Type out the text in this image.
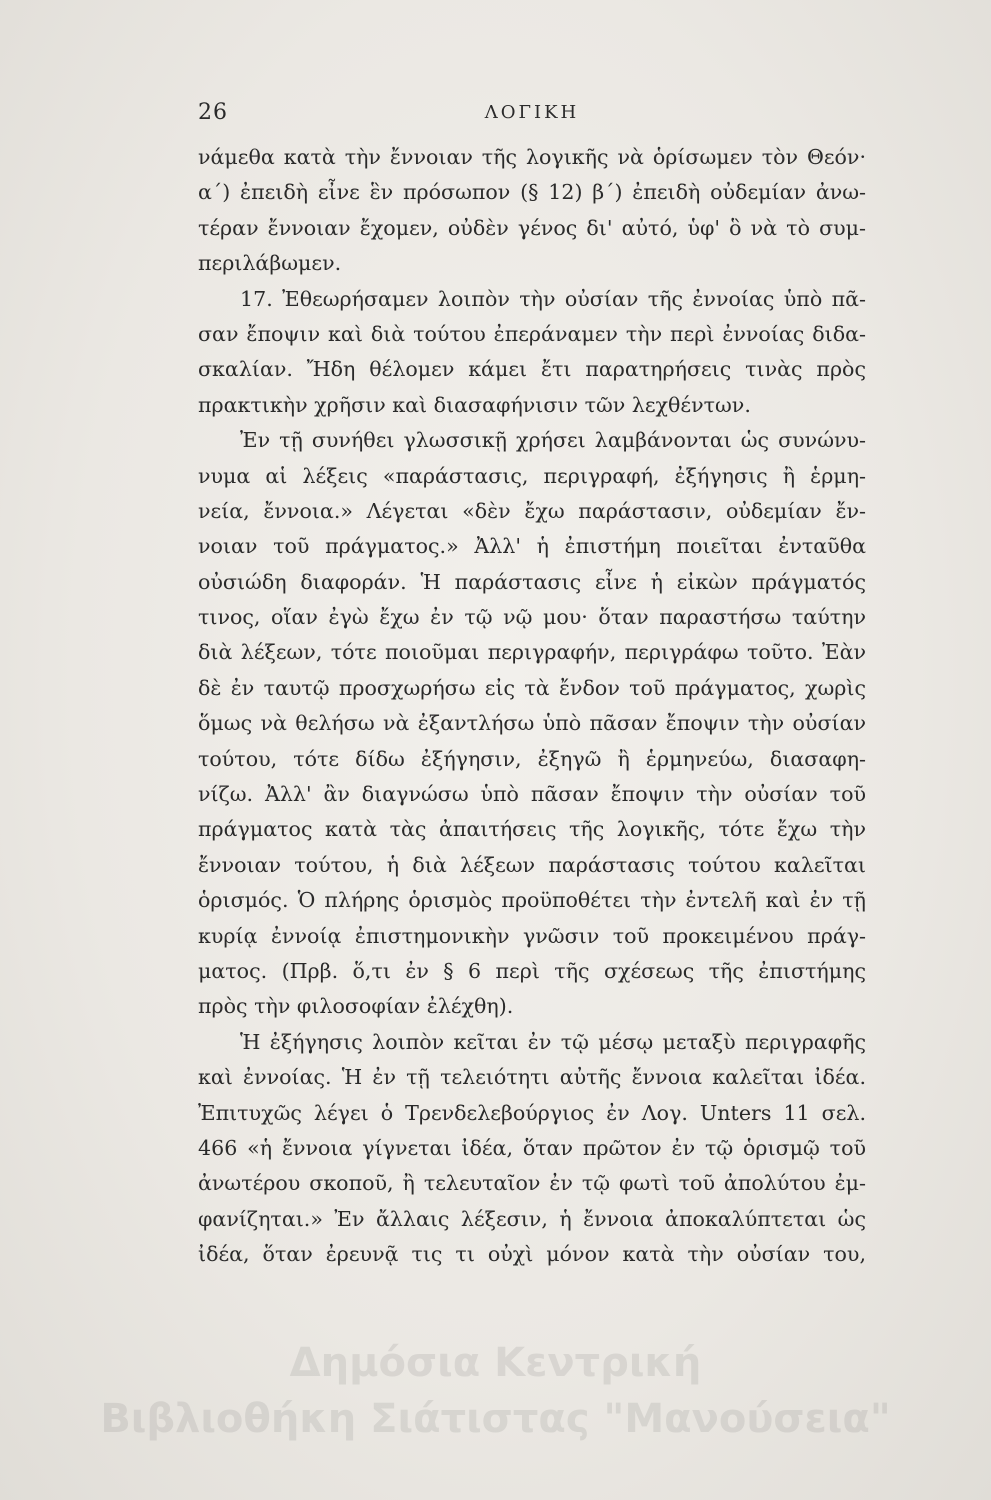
26	ΛΟΓΙΚΗ
νάμεθα κατὰ τὴν ἔννοιαν τῆς λογικῆς νὰ ὁρίσωμεν τὸν Θεόν·
α΄) ἐπειδὴ εἶνε ἓν πρόσωπον (§ 12) β΄) ἐπειδὴ οὐδεμίαν ἀνω-
τέραν ἔννοιαν ἔχομεν, οὐδὲν γένος δι' αὐτό, ὑφ' ὃ νὰ τὸ συμ-
περιλάβωμεν.
17. Ἐθεωρήσαμεν λοιπὸν τὴν οὐσίαν τῆς ἐννοίας ὑπὸ πᾶ-
σαν ἔποψιν καὶ διὰ τούτου ἐπεράναμεν τὴν περὶ ἐννοίας διδα-
σκαλίαν. Ἤδη θέλομεν κάμει ἔτι παρατηρήσεις τινὰς πρὸς
πρακτικὴν χρῆσιν καὶ διασαφήνισιν τῶν λεχθέντων.
Ἐν τῇ συνήθει γλωσσικῇ χρήσει λαμβάνονται ὡς συνώνυ-
νυμα αἱ λέξεις «παράστασις, περιγραφή, ἐξήγησις ἢ ἑρμη-
νεία, ἔννοια.» Λέγεται «δὲν ἔχω παράστασιν, οὐδεμίαν ἔν-
νοιαν τοῦ πράγματος.» Ἀλλ' ἡ ἐπιστήμη ποιεῖται ἐνταῦθα
οὐσιώδη διαφοράν. Ἡ παράστασις εἶνε ἡ εἰκὼν πράγματός
τινος, οἵαν ἐγὼ ἔχω ἐν τῷ νῷ μου· ὅταν παραστήσω ταύτην
διὰ λέξεων, τότε ποιοῦμαι περιγραφήν, περιγράφω τοῦτο. Ἐὰν
δὲ ἐν ταυτῷ προσχωρήσω εἰς τὰ ἔνδον τοῦ πράγματος, χωρὶς
ὅμως νὰ θελήσω νὰ ἐξαντλήσω ὑπὸ πᾶσαν ἔποψιν τὴν οὐσίαν
τούτου, τότε δίδω ἐξήγησιν, ἐξηγῶ ἢ ἑρμηνεύω, διασαφη-
νίζω. Ἀλλ' ἂν διαγνώσω ὑπὸ πᾶσαν ἔποψιν τὴν οὐσίαν τοῦ
πράγματος κατὰ τὰς ἀπαιτήσεις τῆς λογικῆς, τότε ἔχω τὴν
ἔννοιαν τούτου, ἡ διὰ λέξεων παράστασις τούτου καλεῖται
ὁρισμός. Ὁ πλήρης ὁρισμὸς προϋποθέτει τὴν ἐντελῆ καὶ ἐν τῇ
κυρίᾳ ἐννοίᾳ ἐπιστημονικὴν γνῶσιν τοῦ προκειμένου πράγ-
ματος. (Πρβ. ὅ,τι ἐν § 6 περὶ τῆς σχέσεως τῆς ἐπιστήμης
πρὸς τὴν φιλοσοφίαν ἐλέχθη).
Ἡ ἐξήγησις λοιπὸν κεῖται ἐν τῷ μέσῳ μεταξὺ περιγραφῆς
καὶ ἐννοίας. Ἡ ἐν τῇ τελειότητι αὐτῆς ἔννοια καλεῖται ἰδέα.
Ἐπιτυχῶς λέγει ὁ Τρενδελεβούργιος ἐν Λογ. Unters 11 σελ.
466 «ἡ ἔννοια γίγνεται ἰδέα, ὅταν πρῶτον ἐν τῷ ὁρισμῷ τοῦ
ἀνωτέρου σκοποῦ, ἢ τελευταῖον ἐν τῷ φωτὶ τοῦ ἀπολύτου ἐμ-
φανίζηται.» Ἐν ἄλλαις λέξεσιν, ἡ ἔννοια ἀποκαλύπτεται ὡς
ἰδέα, ὅταν ἐρευνᾷ τις τι οὐχὶ μόνον κατὰ τὴν οὐσίαν του,
Δημόσια Κεντρική
Βιβλιοθήκη Σιάτιστας "Μανούσεια"
